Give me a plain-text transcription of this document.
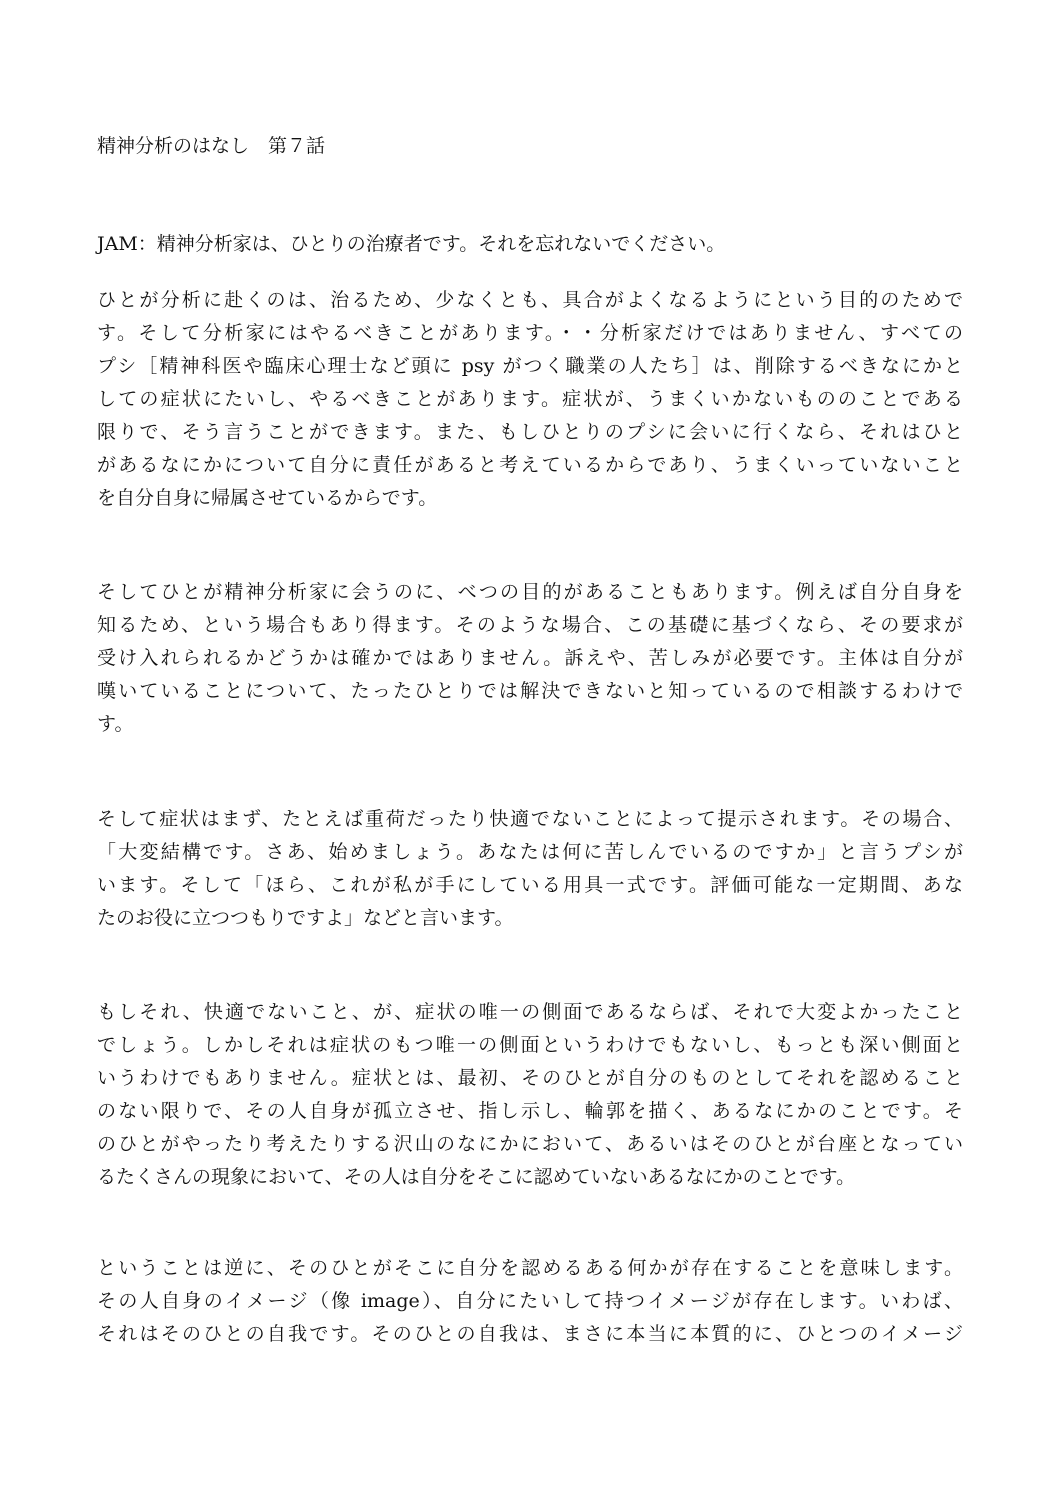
精神分析のはなし　第７話
JAM：精神分析家は、ひとりの治療者です。それを忘れないでください。
ひとが分析に赴くのは、治るため、少なくとも、具合がよくなるようにという目的のためで
す。そして分析家にはやるべきことがあります。・・分析家だけではありません、すべての
プシ［精神科医や臨床心理士など頭に psy がつく職業の人たち］は、削除するべきなにかと
しての症状にたいし、やるべきことがあります。症状が、うまくいかないもののことである
限りで、そう言うことができます。また、もしひとりのプシに会いに行くなら、それはひと
があるなにかについて自分に責任があると考えているからであり、うまくいっていないこと
を自分自身に帰属させているからです。
そしてひとが精神分析家に会うのに、べつの目的があることもあります。例えば自分自身を
知るため、という場合もあり得ます。そのような場合、この基礎に基づくなら、その要求が
受け入れられるかどうかは確かではありません。訴えや、苦しみが必要です。主体は自分が
嘆いていることについて、たったひとりでは解決できないと知っているので相談するわけで
す。
そして症状はまず、たとえば重荷だったり快適でないことによって提示されます。その場合、
「大変結構です。さあ、始めましょう。あなたは何に苦しんでいるのですか」と言うプシが
います。そして「ほら、これが私が手にしている用具一式です。評価可能な一定期間、あな
たのお役に立つつもりですよ」などと言います。
もしそれ、快適でないこと、が、症状の唯一の側面であるならば、それで大変よかったこと
でしょう。しかしそれは症状のもつ唯一の側面というわけでもないし、もっとも深い側面と
いうわけでもありません。症状とは、最初、そのひとが自分のものとしてそれを認めること
のない限りで、その人自身が孤立させ、指し示し、輪郭を描く、あるなにかのことです。そ
のひとがやったり考えたりする沢山のなにかにおいて、あるいはそのひとが台座となってい
るたくさんの現象において、その人は自分をそこに認めていないあるなにかのことです。
ということは逆に、そのひとがそこに自分を認めるある何かが存在することを意味します。
その人自身のイメージ（像 image）、自分にたいして持つイメージが存在します。いわば、
それはそのひとの自我です。そのひとの自我は、まさに本当に本質的に、ひとつのイメージ
